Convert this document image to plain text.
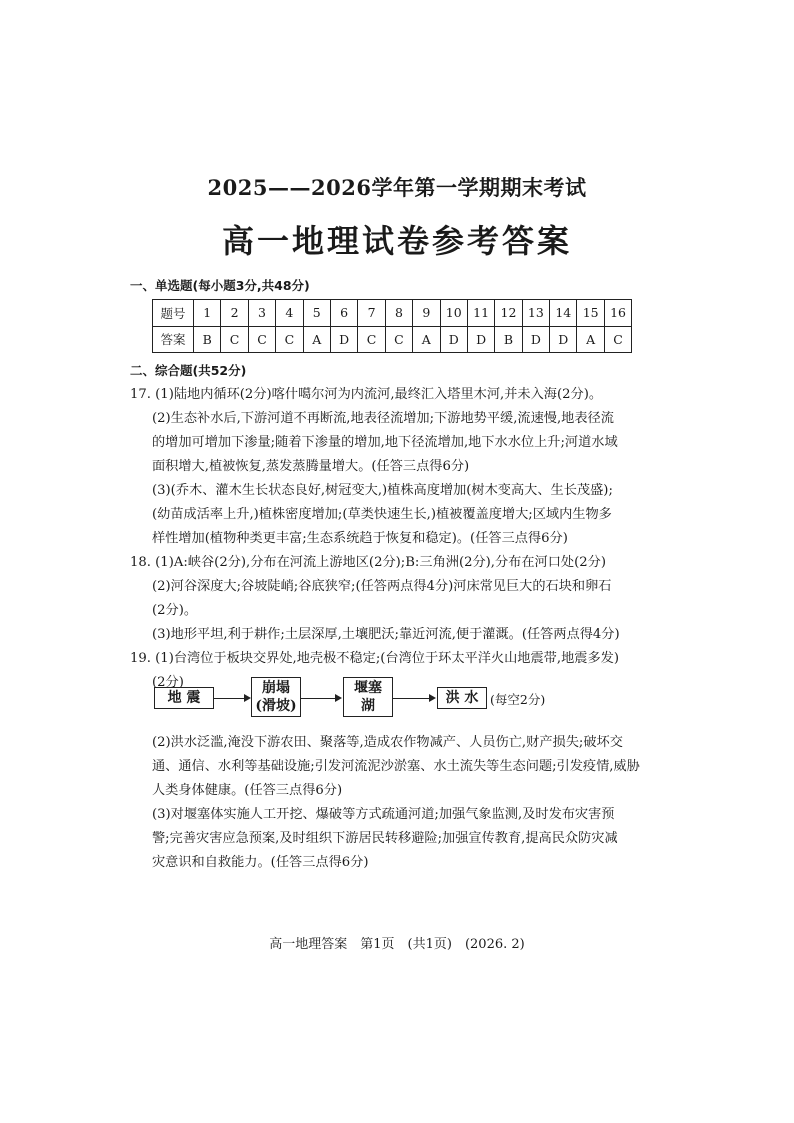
2025——2026学年第一学期期末考试
高一地理试卷参考答案
一、单选题(每小题3分,共48分)
题号	1	2	3	4	5	6	7	8	9	10	11	12	13	14	15	16
答案	B	C	C	C	A	D	C	C	A	D	D	B	D	D	A	C
二、综合题(共52分)
17. (1)陆地内循环(2分)喀什噶尔河为内流河,最终汇入塔里木河,并未入海(2分)。
(2)生态补水后,下游河道不再断流,地表径流增加;下游地势平缓,流速慢,地表径流
的增加可增加下渗量;随着下渗量的增加,地下径流增加,地下水水位上升;河道水域
面积增大,植被恢复,蒸发蒸腾量增大。(任答三点得6分)
(3)(乔木、灌木生长状态良好,树冠变大,)植株高度增加(树木变高大、生长茂盛);
(幼苗成活率上升,)植株密度增加;(草类快速生长,)植被覆盖度增大;区域内生物多
样性增加(植物种类更丰富;生态系统趋于恢复和稳定)。(任答三点得6分)
18. (1)A:峡谷(2分),分布在河流上游地区(2分);B:三角洲(2分),分布在河口处(2分)
(2)河谷深度大;谷坡陡峭;谷底狭窄;(任答两点得4分)河床常见巨大的石块和卵石
(2分)。
(3)地形平坦,利于耕作;土层深厚,土壤肥沃;靠近河流,便于灌溉。(任答两点得4分)
19. (1)台湾位于板块交界处,地壳极不稳定;(台湾位于环太平洋火山地震带,地震多发)
(2分)
地 震
崩塌
(滑坡)
堰塞
湖	洪 水 (每空2分)
(2)洪水泛滥,淹没下游农田、聚落等,造成农作物减产、人员伤亡,财产损失;破坏交
通、通信、水利等基础设施;引发河流泥沙淤塞、水土流失等生态问题;引发疫情,威胁
人类身体健康。(任答三点得6分)
(3)对堰塞体实施人工开挖、爆破等方式疏通河道;加强气象监测,及时发布灾害预
警;完善灾害应急预案,及时组织下游居民转移避险;加强宣传教育,提高民众防灾减
灾意识和自救能力。(任答三点得6分)
高一地理答案　第1页　(共1页)　(2026. 2)
